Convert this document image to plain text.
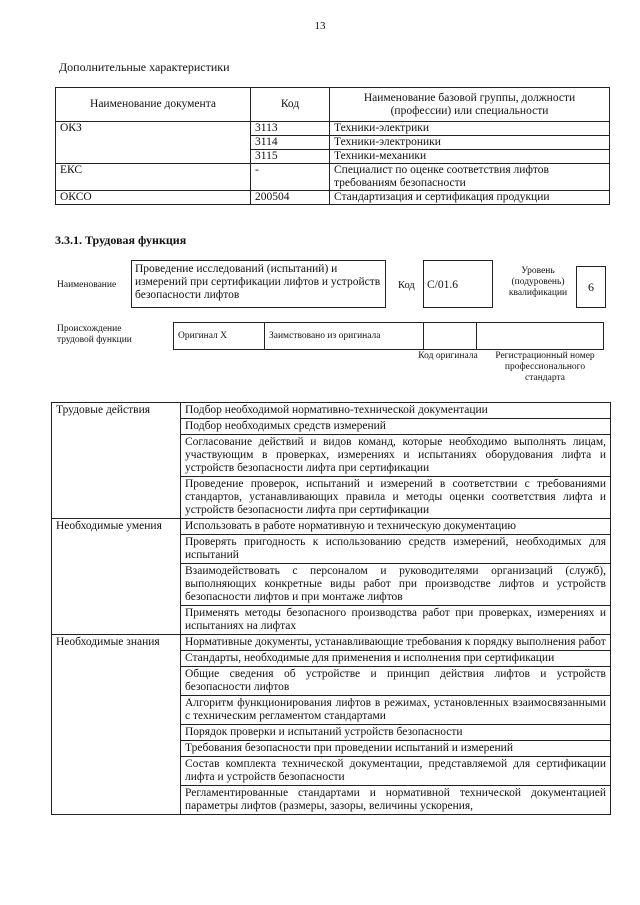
13
Дополнительные характеристики
Наименование документа	Код	Наименование базовой группы, должности (профессии) или специальности
ОКЗ	3113	Техники-электрики
	3114	Техники-электроники
	3115	Техники-механики
ЕКС	-	Специалист по оценке соответствия лифтов требованиям безопасности
ОКСО	200504	Стандартизация и сертификация продукции
3.3.1. Трудовая функция
Наименование
Проведение исследований (испытаний) и измерений при сертификации лифтов и устройств безопасности лифтов
Код	C/01.6
Уровень (подуровень) квалификации	6
Происхождение трудовой функции	Оригинал X	Заимствовано из оригинала		
Код оригинала	Регистрационный номер профессионального стандарта
Трудовые действия	Подбор необходимой нормативно-технической документации
	Подбор необходимых средств измерений
	Согласование действий и видов команд, которые необходимо выполнять лицам, участвующим в проверках, измерениях и испытаниях оборудования лифта и устройств безопасности лифта при сертификации
	Проведение проверок, испытаний и измерений в соответствии с требованиями стандартов, устанавливающих правила и методы оценки соответствия лифта и устройств безопасности лифта при сертификации
Необходимые умения	Использовать в работе нормативную и техническую документацию
	Проверять пригодность к использованию средств измерений, необходимых для испытаний
	Взаимодействовать с персоналом и руководителями организаций (служб), выполняющих конкретные виды работ при производстве лифтов и устройств безопасности лифтов и при монтаже лифтов
	Применять методы безопасного производства работ при проверках, измерениях и испытаниях на лифтах
Необходимые знания	Нормативные документы, устанавливающие требования к порядку выполнения работ
	Стандарты, необходимые для применения и исполнения при сертификации
	Общие сведения об устройстве и принцип действия лифтов и устройств безопасности лифтов
	Алгоритм функционирования лифтов в режимах, установленных взаимосвязанными с техническим регламентом стандартами
	Порядок проверки и испытаний устройств безопасности
	Требования безопасности при проведении испытаний и измерений
	Состав комплекта технической документации, представляемой для сертификации лифта и устройств безопасности
	Регламентированные стандартами и нормативной технической документацией параметры лифтов (размеры, зазоры, величины ускорения,
